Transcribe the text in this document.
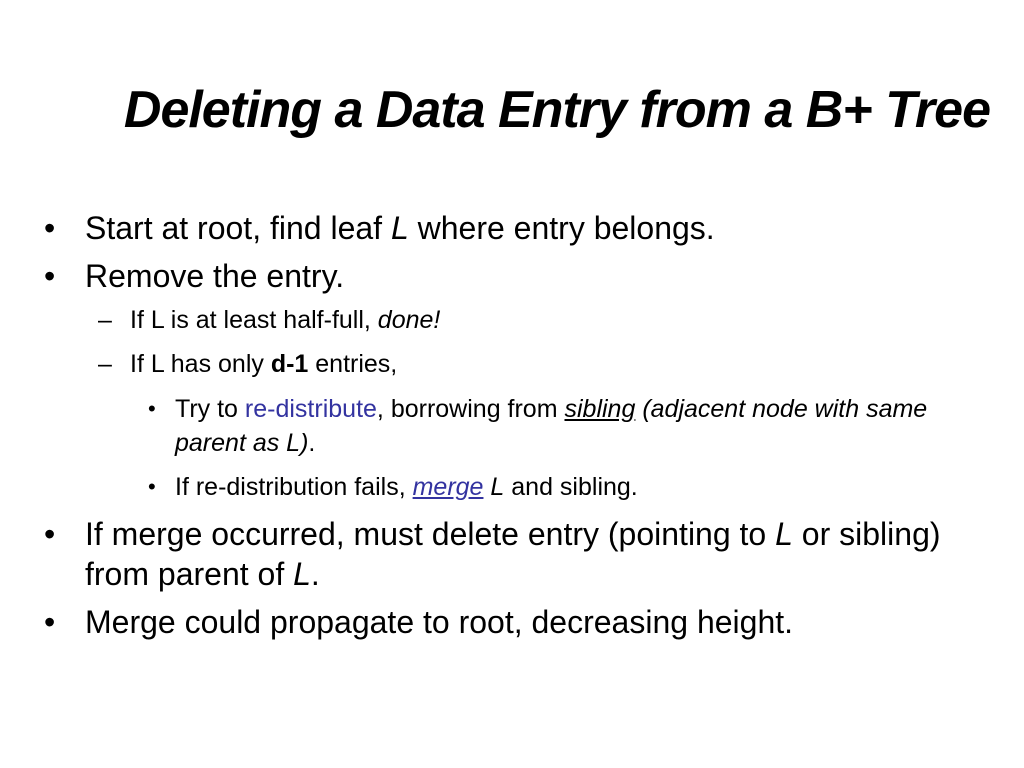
Deleting a Data Entry from a B+ Tree
• Start at root, find leaf L where entry belongs.
• Remove the entry.
– If L is at least half-full, done!
– If L has only d-1 entries,
• Try to re-distribute, borrowing from sibling (adjacent node with same parent as L).
• If re-distribution fails, merge L and sibling.
• If merge occurred, must delete entry (pointing to L or sibling) from parent of L.
• Merge could propagate to root, decreasing height.
